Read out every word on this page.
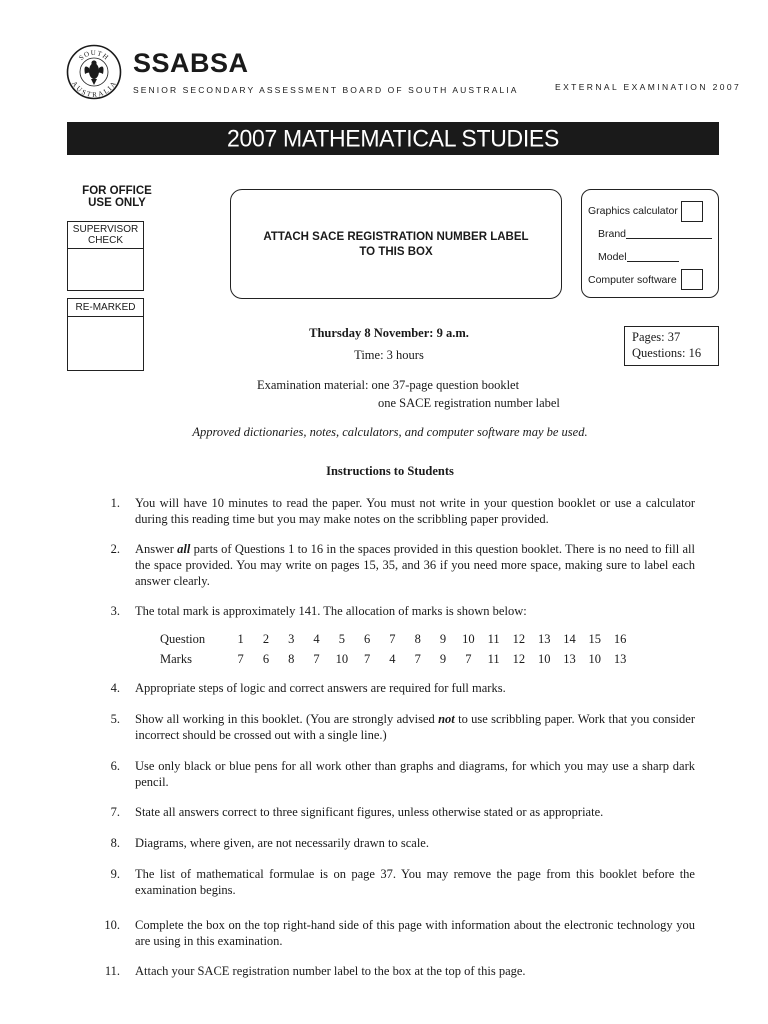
SOUTH
AUSTRALIA
SSABSA
SENIOR SECONDARY ASSESSMENT BOARD OF SOUTH AUSTRALIA	EXTERNAL EXAMINATION 2007
2007 MATHEMATICAL STUDIES
FOR OFFICE
USE ONLY
SUPERVISOR
CHECK
RE-MARKED
ATTACH SACE REGISTRATION NUMBER LABEL
TO THIS BOX
Graphics calculator
Brand
Model
Computer software
Pages: 37
Questions: 16
Thursday 8 November: 9 a.m.
Time: 3 hours
Examination material: one 37-page question booklet
one SACE registration number label
Approved dictionaries, notes, calculators, and computer software may be used.
Instructions to Students
1. You will have 10 minutes to read the paper. You must not write in your question booklet or use a calculator during this reading time but you may make notes on the scribbling paper provided.
2. Answer all parts of Questions 1 to 16 in the spaces provided in this question booklet. There is no need to fill all the space provided. You may write on pages 15, 35, and 36 if you need more space, making sure to label each answer clearly.
3. The total mark is approximately 141. The allocation of marks is shown below:
4. Appropriate steps of logic and correct answers are required for full marks.
5. Show all working in this booklet. (You are strongly advised not to use scribbling paper. Work that you consider incorrect should be crossed out with a single line.)
6. Use only black or blue pens for all work other than graphs and diagrams, for which you may use a sharp dark pencil.
7. State all answers correct to three significant figures, unless otherwise stated or as appropriate.
8. Diagrams, where given, are not necessarily drawn to scale.
9. The list of mathematical formulae is on page 37. You may remove the page from this booklet before the examination begins.
10. Complete the box on the top right-hand side of this page with information about the electronic technology you are using in this examination.
11. Attach your SACE registration number label to the box at the top of this page.
Question	1	2	3	4	5	6	7	8	9	10	11	12	13	14	15	16
Marks	7	6	8	7	10	7	4	7	9	7	11	12	10	13	10	13
